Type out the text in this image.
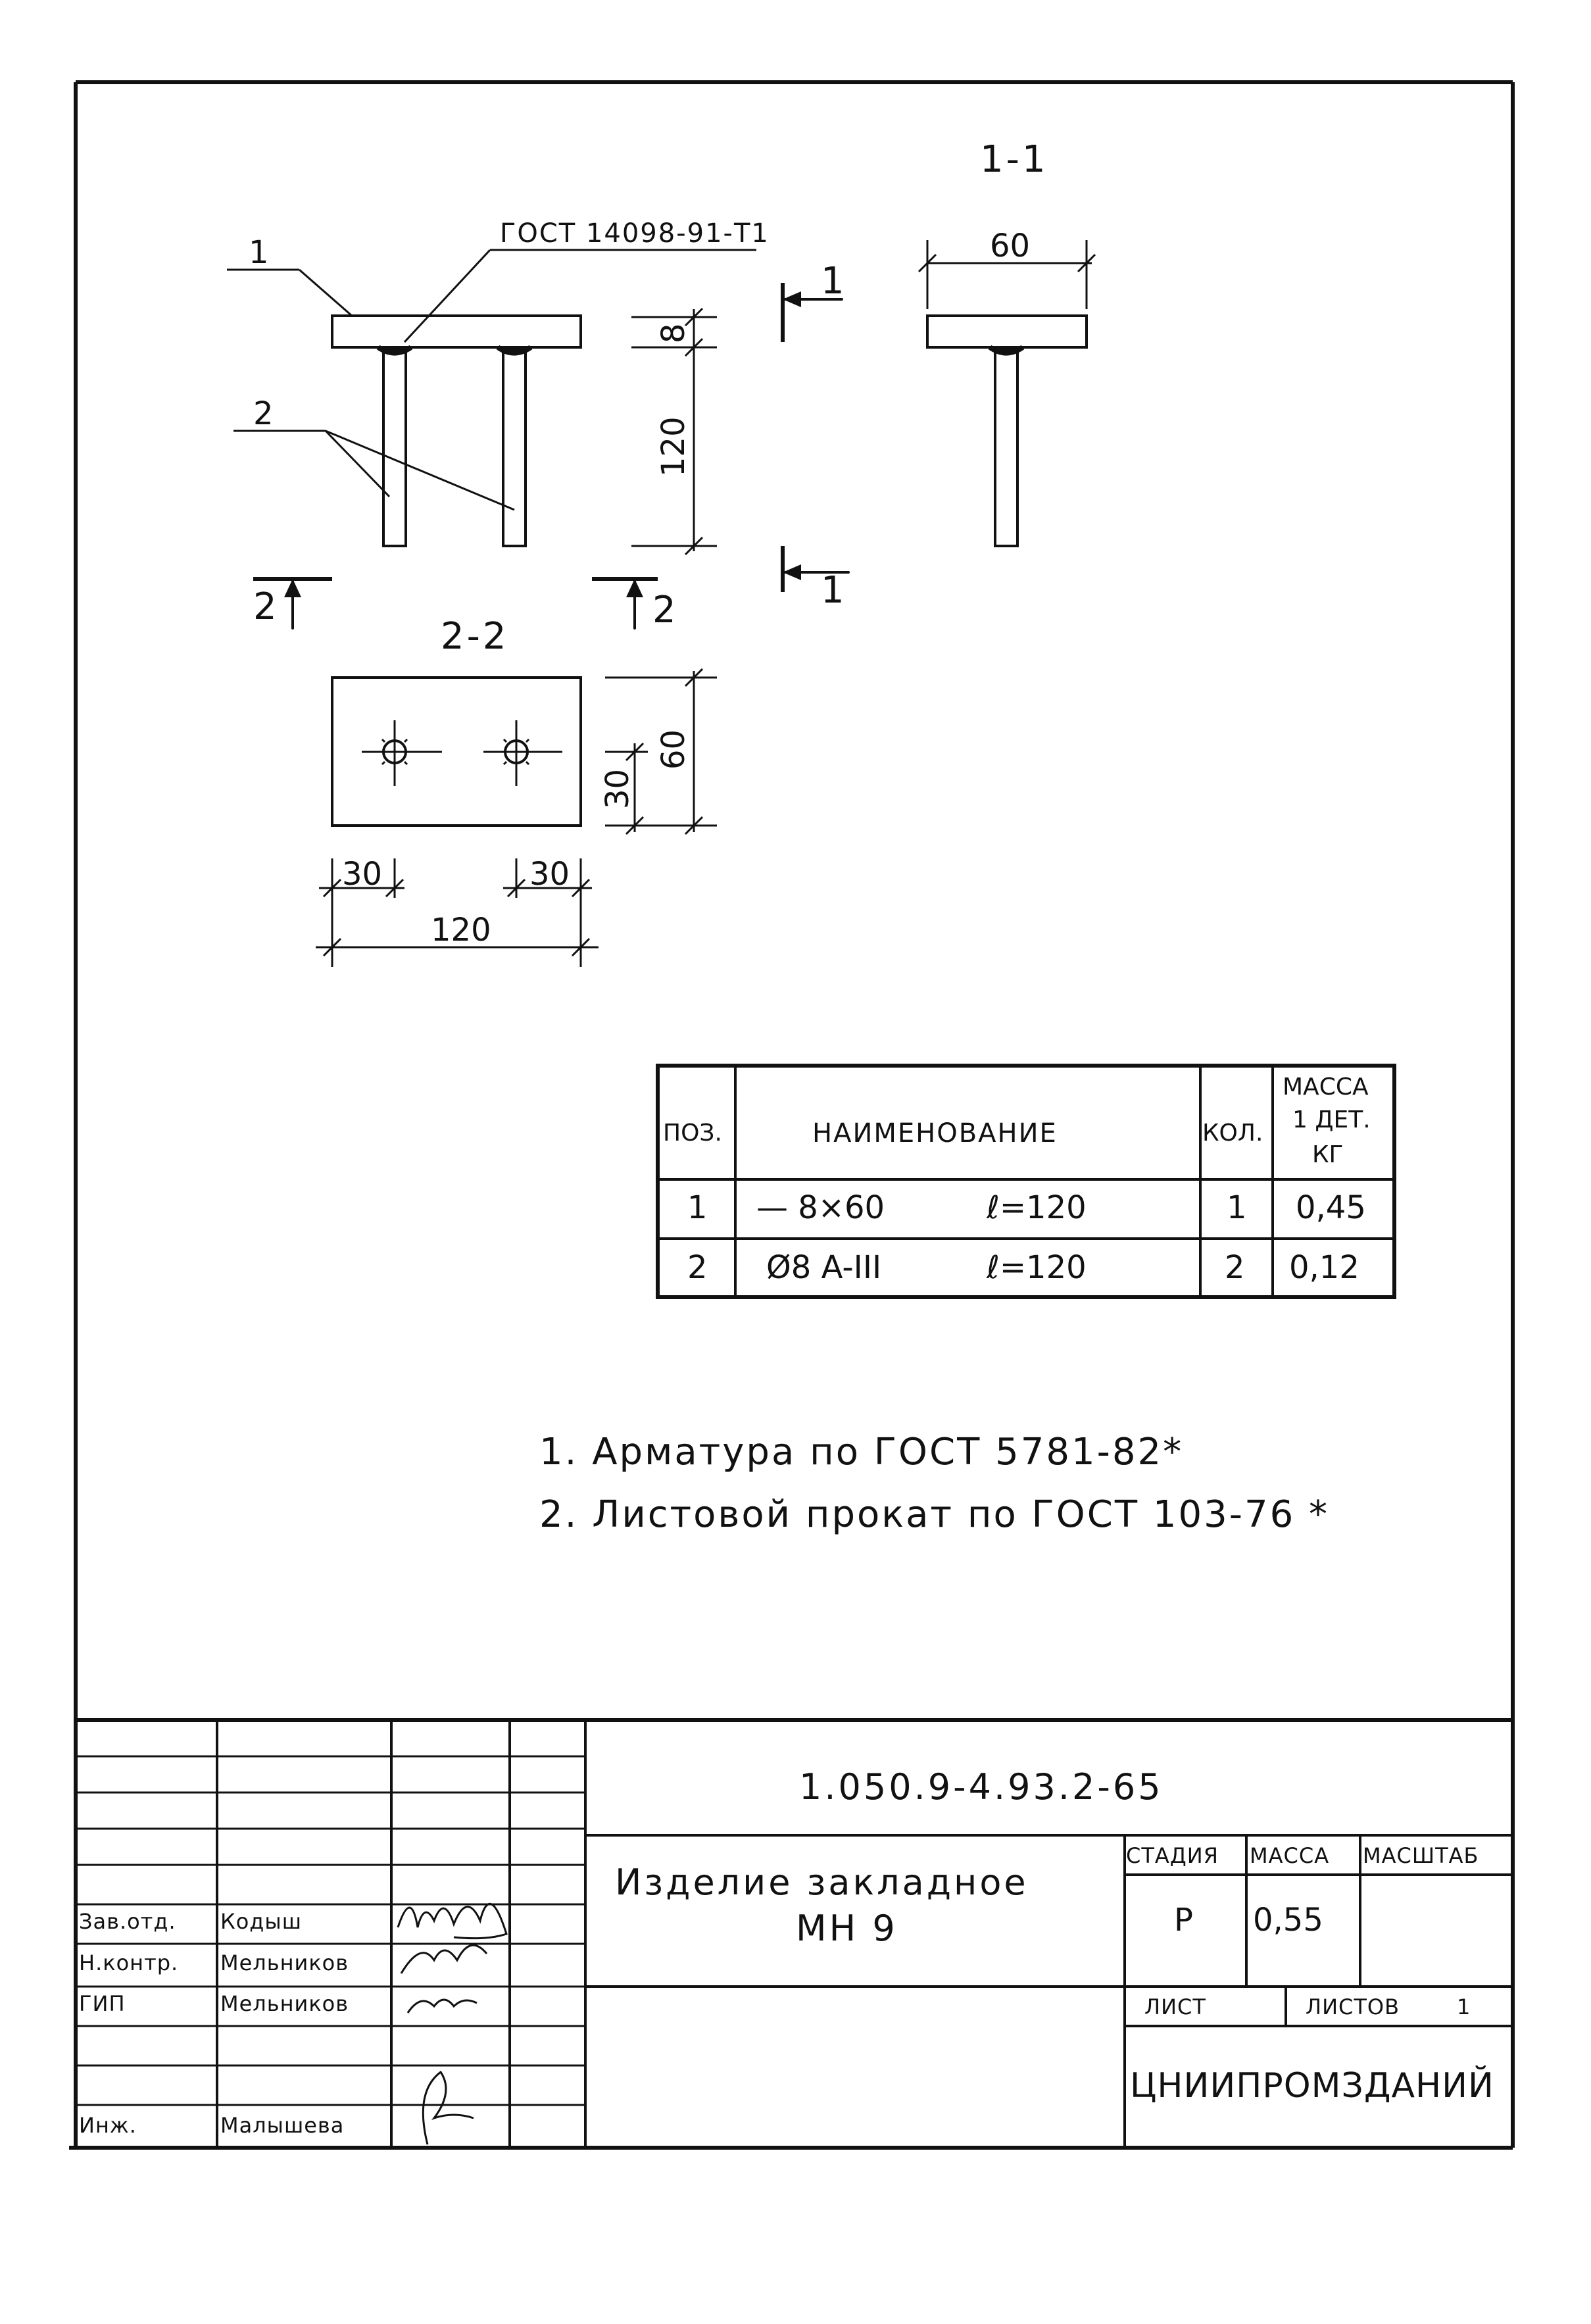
1
ГОСТ 14098-91-Т1
2
8
120
2	2
1
1
1-1
60
2-2
60
30
30	30
120
ПОЗ.	НАИМЕНОВАНИЕ	КОЛ.
МАССА
1 ДЕТ.
КГ
1 — 8×60	ℓ=120	1 0,45
2 Ø8 A-III	ℓ=120	2 0,12
1. Арматура по ГОСТ 5781-82*
2. Листовой прокат по ГОСТ 103-76 *
1.050.9-4.93.2-65
Изделие закладное
МН 9
СТАДИЯ МАССА МАСШТАБ
Р 0,55
ЛИСТ	ЛИСТОВ	1
ЦНИИПРОМЗДАНИЙ
Зав.отд. Кодыш
Н.контр. Мельников
ГИП	Мельников
Инж.	Малышева
